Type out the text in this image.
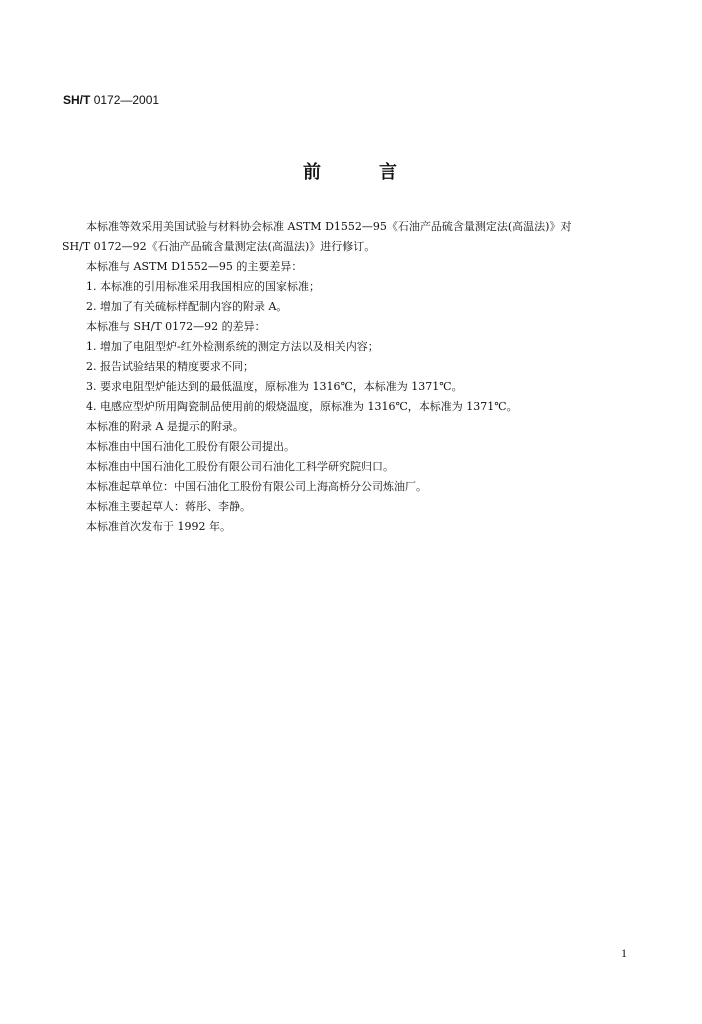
SH/T 0172—2001
前言
本标准等效采用美国试验与材料协会标准 ASTM D1552—95《石油产品硫含量测定法(高温法)》对
SH/T 0172—92《石油产品硫含量测定法(高温法)》进行修订。
本标准与 ASTM D1552—95 的主要差异：
1. 本标准的引用标准采用我国相应的国家标准；
2. 增加了有关硫标样配制内容的附录 A。
本标准与 SH/T 0172—92 的差异：
1. 增加了电阻型炉-红外检测系统的测定方法以及相关内容；
2. 报告试验结果的精度要求不同；
3. 要求电阻型炉能达到的最低温度，原标准为 1316℃，本标准为 1371℃。
4. 电感应型炉所用陶瓷制品使用前的煅烧温度，原标准为 1316℃，本标准为 1371℃。
本标准的附录 A 是提示的附录。
本标准由中国石油化工股份有限公司提出。
本标准由中国石油化工股份有限公司石油化工科学研究院归口。
本标准起草单位：中国石油化工股份有限公司上海高桥分公司炼油厂。
本标准主要起草人：蒋彤、李静。
本标准首次发布于 1992 年。
1
